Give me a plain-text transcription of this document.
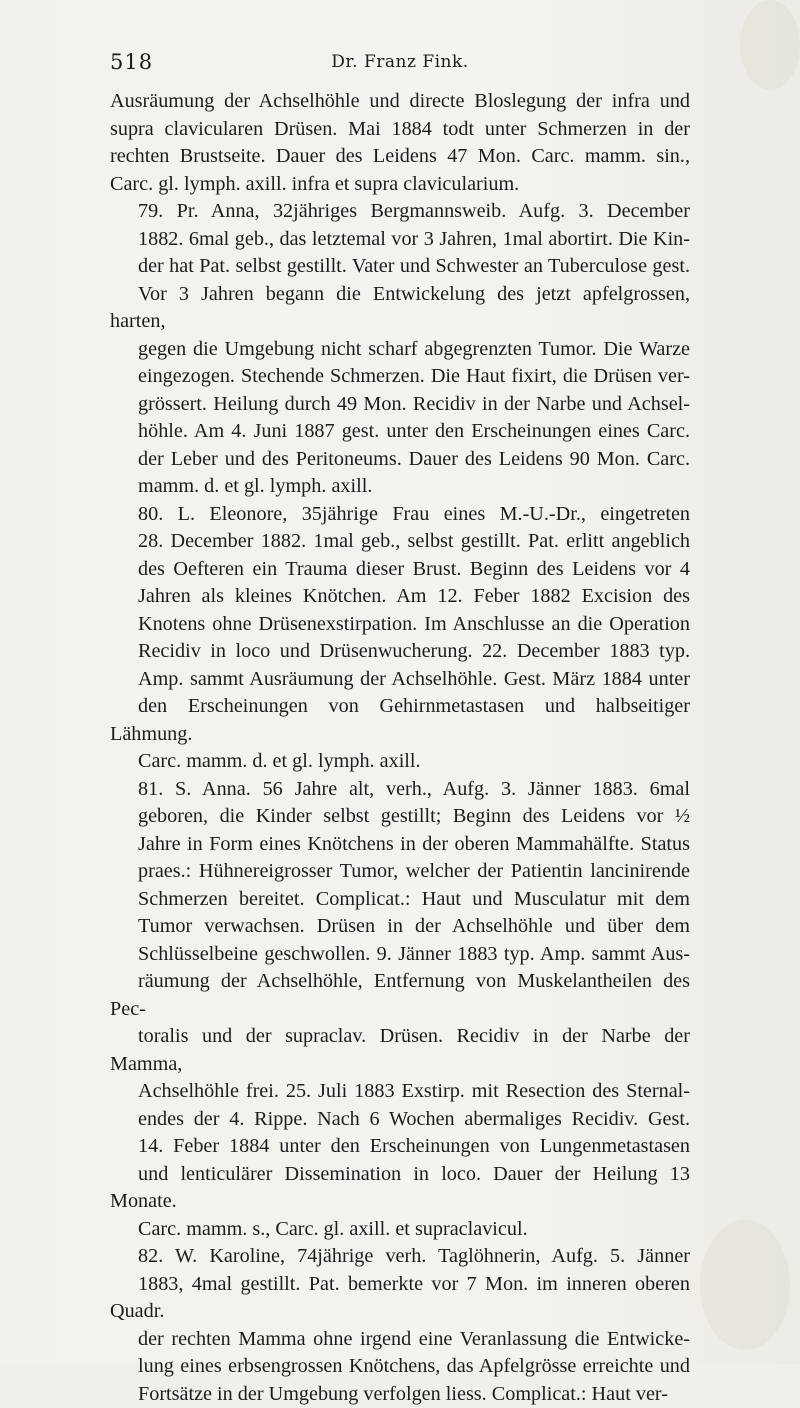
518	Dr. Franz Fink.

Ausräumung der Achselhöhle und directe Bloslegung der infra und
supra clavicularen Drüsen. Mai 1884 todt unter Schmerzen in der
rechten Brustseite. Dauer des Leidens 47 Mon. Carc. mamm. sin.,
Carc. gl. lymph. axill. infra et supra clavicularium.

79. Pr. Anna, 32jähriges Bergmannsweib. Aufg. 3. December
1882. 6mal geb., das letztemal vor 3 Jahren, 1mal abortirt. Die Kin-
der hat Pat. selbst gestillt. Vater und Schwester an Tuberculose gest.
Vor 3 Jahren begann die Entwickelung des jetzt apfelgrossen, harten,
gegen die Umgebung nicht scharf abgegrenzten Tumor. Die Warze
eingezogen. Stechende Schmerzen. Die Haut fixirt, die Drüsen ver-
grössert. Heilung durch 49 Mon. Recidiv in der Narbe und Achsel-
höhle. Am 4. Juni 1887 gest. unter den Erscheinungen eines Carc.
der Leber und des Peritoneums. Dauer des Leidens 90 Mon. Carc.
mamm. d. et gl. lymph. axill.

80. L. Eleonore, 35jährige Frau eines M.-U.-Dr., eingetreten
28. December 1882. 1mal geb., selbst gestillt. Pat. erlitt angeblich
des Oefteren ein Trauma dieser Brust. Beginn des Leidens vor 4
Jahren als kleines Knötchen. Am 12. Feber 1882 Excision des
Knotens ohne Drüsenexstirpation. Im Anschlusse an die Operation
Recidiv in loco und Drüsenwucherung. 22. December 1883 typ.
Amp. sammt Ausräumung der Achselhöhle. Gest. März 1884 unter
den Erscheinungen von Gehirnmetastasen und halbseitiger Lähmung.
Carc. mamm. d. et gl. lymph. axill.

81. S. Anna. 56 Jahre alt, verh., Aufg. 3. Jänner 1883. 6mal
geboren, die Kinder selbst gestillt; Beginn des Leidens vor ½
Jahre in Form eines Knötchens in der oberen Mammahälfte. Status
praes.: Hühnereigrosser Tumor, welcher der Patientin lancinirende
Schmerzen bereitet. Complicat.: Haut und Musculatur mit dem
Tumor verwachsen. Drüsen in der Achselhöhle und über dem
Schlüsselbeine geschwollen. 9. Jänner 1883 typ. Amp. sammt Aus-
räumung der Achselhöhle, Entfernung von Muskelantheilen des Pec-
toralis und der supraclav. Drüsen. Recidiv in der Narbe der Mamma,
Achselhöhle frei. 25. Juli 1883 Exstirp. mit Resection des Sternal-
endes der 4. Rippe. Nach 6 Wochen abermaliges Recidiv. Gest.
14. Feber 1884 unter den Erscheinungen von Lungenmetastasen
und lenticulärer Dissemination in loco. Dauer der Heilung 13 Monate.
Carc. mamm. s., Carc. gl. axill. et supraclavicul.

82. W. Karoline, 74jährige verh. Taglöhnerin, Aufg. 5. Jänner
1883, 4mal gestillt. Pat. bemerkte vor 7 Mon. im inneren oberen Quadr.
der rechten Mamma ohne irgend eine Veranlassung die Entwicke-
lung eines erbsengrossen Knötchens, das Apfelgrösse erreichte und
Fortsätze in der Umgebung verfolgen liess. Complicat.: Haut ver-
